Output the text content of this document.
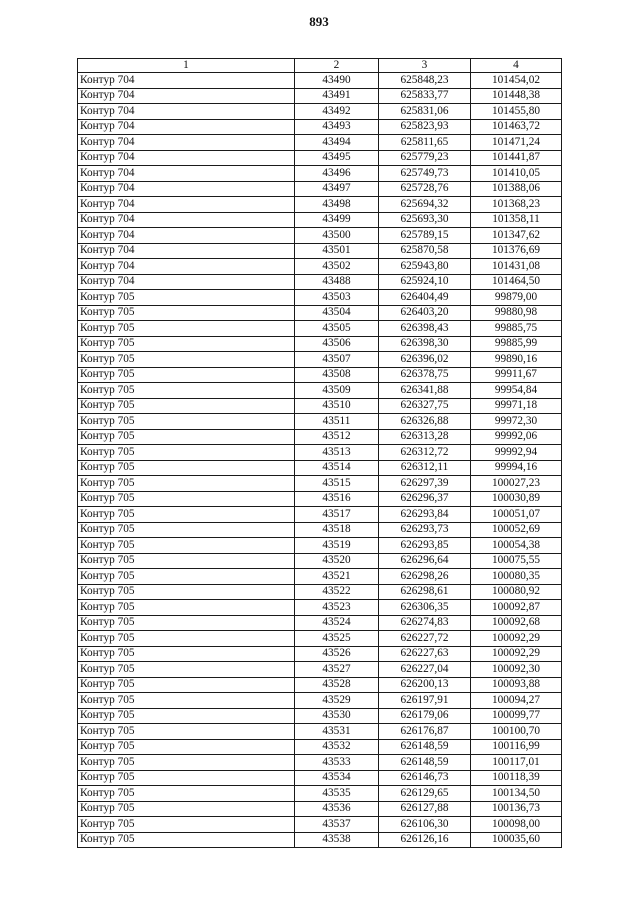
893
1	2	3	4
Контур 704	43490	625848,23	101454,02
Контур 704	43491	625833,77	101448,38
Контур 704	43492	625831,06	101455,80
Контур 704	43493	625823,93	101463,72
Контур 704	43494	625811,65	101471,24
Контур 704	43495	625779,23	101441,87
Контур 704	43496	625749,73	101410,05
Контур 704	43497	625728,76	101388,06
Контур 704	43498	625694,32	101368,23
Контур 704	43499	625693,30	101358,11
Контур 704	43500	625789,15	101347,62
Контур 704	43501	625870,58	101376,69
Контур 704	43502	625943,80	101431,08
Контур 704	43488	625924,10	101464,50
Контур 705	43503	626404,49	99879,00
Контур 705	43504	626403,20	99880,98
Контур 705	43505	626398,43	99885,75
Контур 705	43506	626398,30	99885,99
Контур 705	43507	626396,02	99890,16
Контур 705	43508	626378,75	99911,67
Контур 705	43509	626341,88	99954,84
Контур 705	43510	626327,75	99971,18
Контур 705	43511	626326,88	99972,30
Контур 705	43512	626313,28	99992,06
Контур 705	43513	626312,72	99992,94
Контур 705	43514	626312,11	99994,16
Контур 705	43515	626297,39	100027,23
Контур 705	43516	626296,37	100030,89
Контур 705	43517	626293,84	100051,07
Контур 705	43518	626293,73	100052,69
Контур 705	43519	626293,85	100054,38
Контур 705	43520	626296,64	100075,55
Контур 705	43521	626298,26	100080,35
Контур 705	43522	626298,61	100080,92
Контур 705	43523	626306,35	100092,87
Контур 705	43524	626274,83	100092,68
Контур 705	43525	626227,72	100092,29
Контур 705	43526	626227,63	100092,29
Контур 705	43527	626227,04	100092,30
Контур 705	43528	626200,13	100093,88
Контур 705	43529	626197,91	100094,27
Контур 705	43530	626179,06	100099,77
Контур 705	43531	626176,87	100100,70
Контур 705	43532	626148,59	100116,99
Контур 705	43533	626148,59	100117,01
Контур 705	43534	626146,73	100118,39
Контур 705	43535	626129,65	100134,50
Контур 705	43536	626127,88	100136,73
Контур 705	43537	626106,30	100098,00
Контур 705	43538	626126,16	100035,60
